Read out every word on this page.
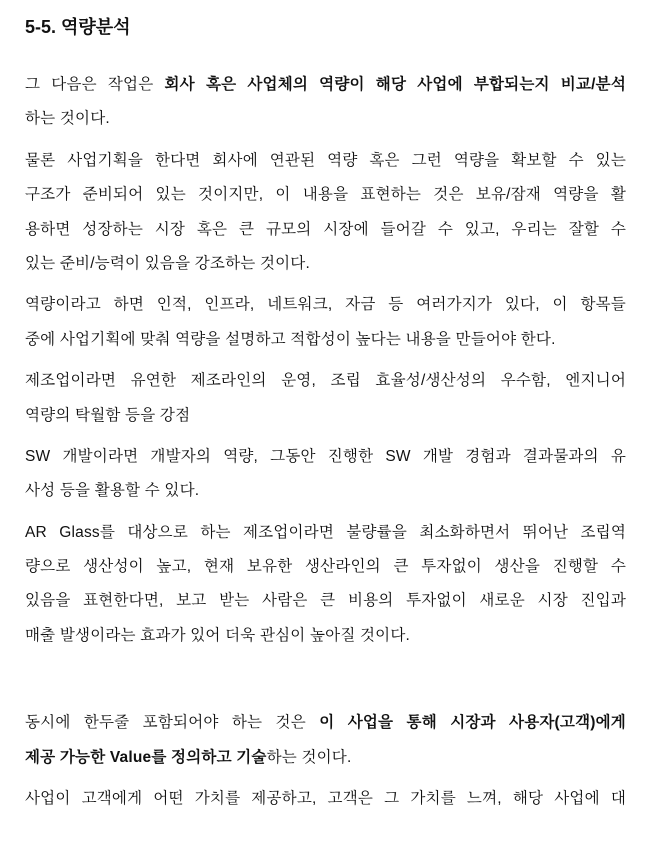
5-5. 역량분석
그 다음은 작업은 회사 혹은 사업체의 역량이 해당 사업에 부합되는지 비교/분석
하는 것이다.
물론 사업기획을 한다면 회사에 연관된 역량 혹은 그런 역량을 확보할 수 있는
구조가 준비되어 있는 것이지만, 이 내용을 표현하는 것은 보유/잠재 역량을 활
용하면 성장하는 시장 혹은 큰 규모의 시장에 들어갈 수 있고, 우리는 잘할 수
있는 준비/능력이 있음을 강조하는 것이다.
역량이라고 하면 인적, 인프라, 네트워크, 자금 등 여러가지가 있다, 이 항목들
중에 사업기획에 맞춰 역량을 설명하고 적합성이 높다는 내용을 만들어야 한다.
제조업이라면 유연한 제조라인의 운영, 조립 효율성/생산성의 우수함, 엔지니어
역량의 탁월함 등을 강점
SW 개발이라면 개발자의 역량, 그동안 진행한 SW 개발 경험과 결과물과의 유
사성 등을 활용할 수 있다.
AR Glass를 대상으로 하는 제조업이라면 불량률을 최소화하면서 뛰어난 조립역
량으로 생산성이 높고, 현재 보유한 생산라인의 큰 투자없이 생산을 진행할 수
있음을 표현한다면, 보고 받는 사람은 큰 비용의 투자없이 새로운 시장 진입과
매출 발생이라는 효과가 있어 더욱 관심이 높아질 것이다.
동시에 한두줄 포함되어야 하는 것은 이 사업을 통해 시장과 사용자(고객)에게
제공 가능한 Value를 정의하고 기술하는 것이다.
사업이 고객에게 어떤 가치를 제공하고, 고객은 그 가치를 느껴, 해당 사업에 대
